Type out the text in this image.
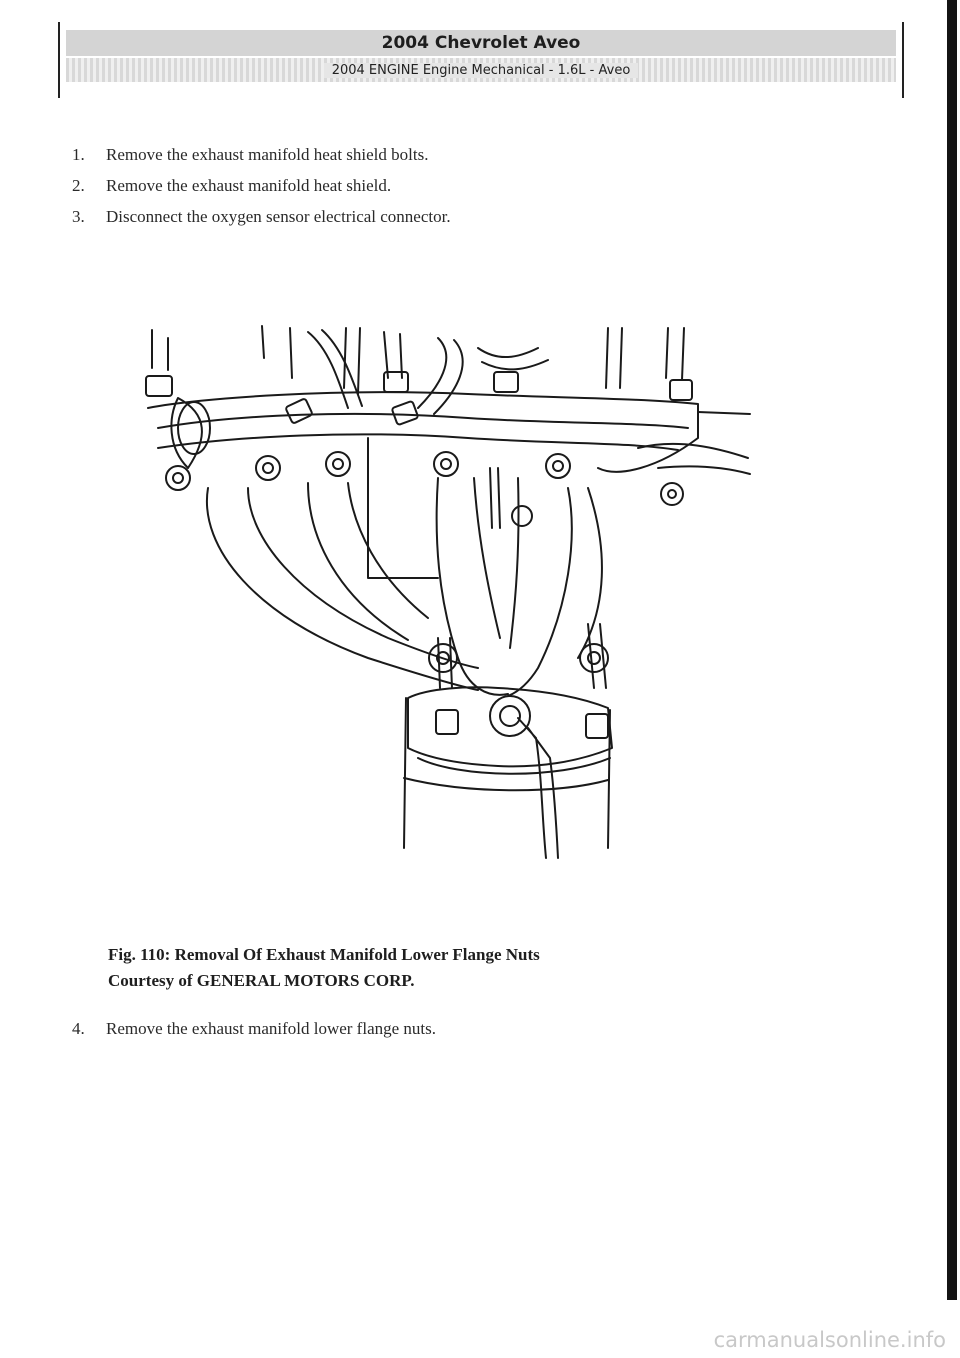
2004 Chevrolet Aveo
2004 ENGINE Engine Mechanical - 1.6L - Aveo
1. Remove the exhaust manifold heat shield bolts.
2. Remove the exhaust manifold heat shield.
3. Disconnect the oxygen sensor electrical connector.
Fig. 110: Removal Of Exhaust Manifold Lower Flange Nuts
Courtesy of GENERAL MOTORS CORP.
4. Remove the exhaust manifold lower flange nuts.
carmanualsonline.info
